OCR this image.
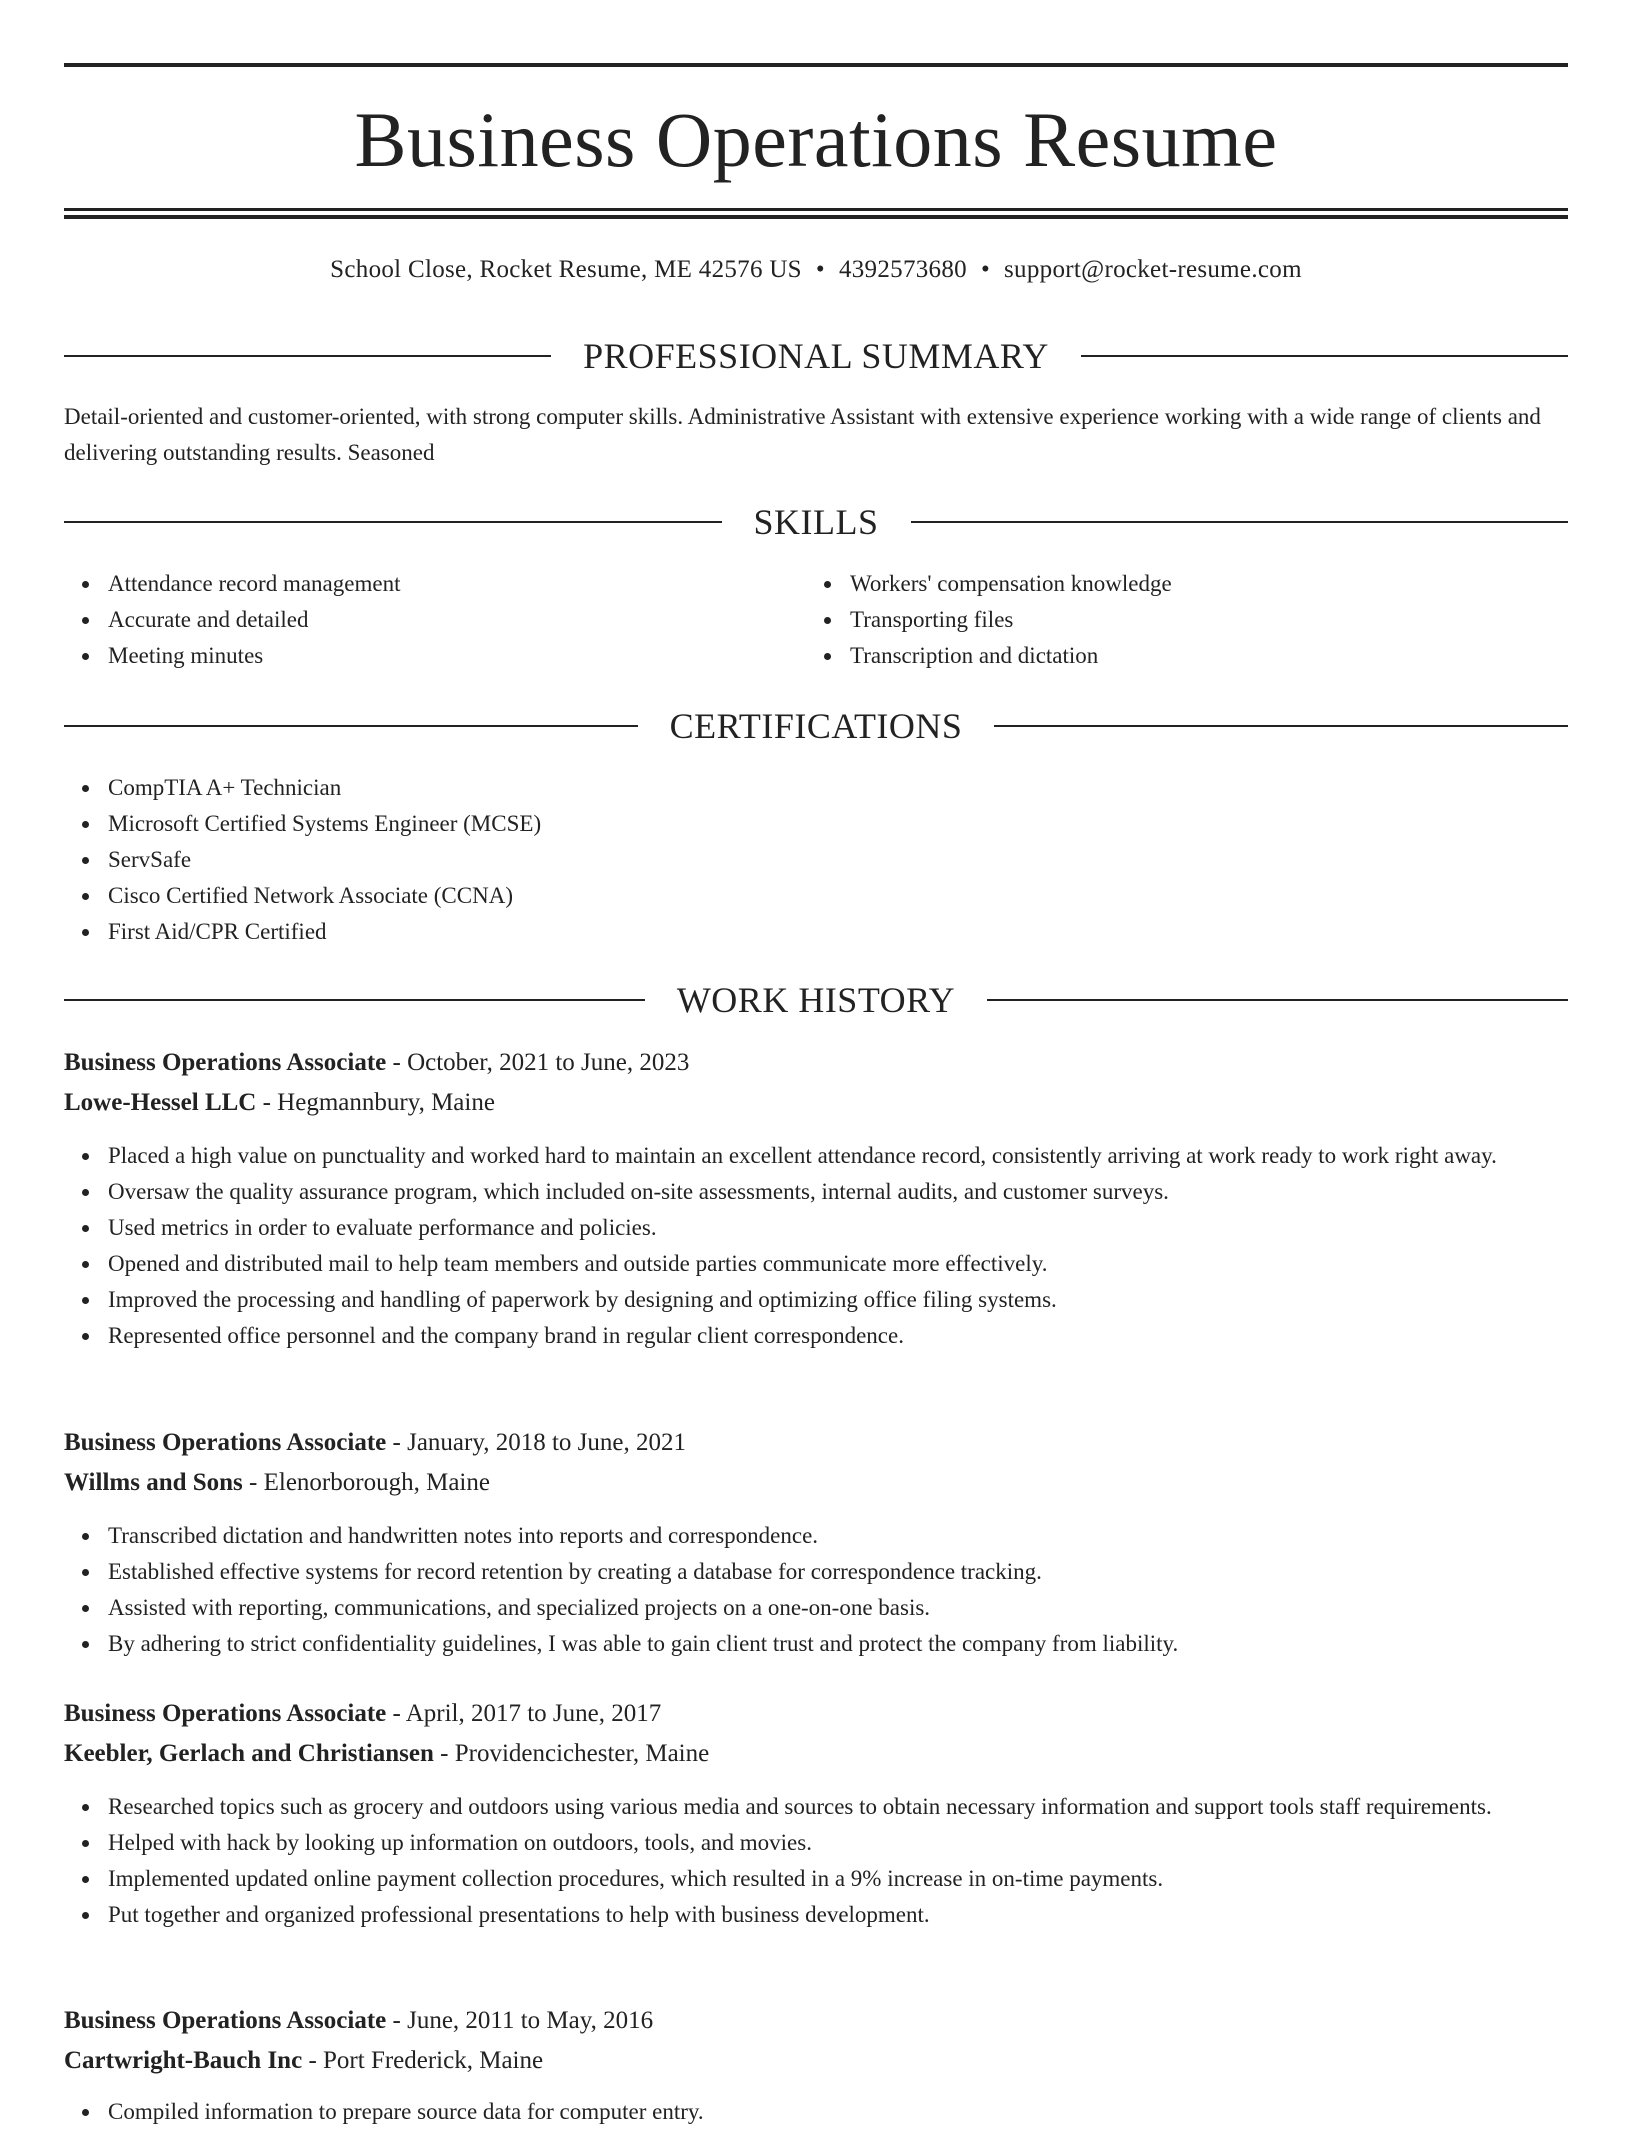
Business Operations Resume
School Close, Rocket Resume, ME 42576 US • 4392573680 • support@rocket-resume.com
PROFESSIONAL SUMMARY

Detail-oriented and customer-oriented, with strong computer skills. Administrative Assistant with extensive experience working with a wide range of clients and delivering outstanding results. Seasoned

SKILLS
Attendance record management
Accurate and detailed
Meeting minutes
Workers' compensation knowledge
Transporting files
Transcription and dictation
CERTIFICATIONS
CompTIA A+ Technician
Microsoft Certified Systems Engineer (MCSE)
ServSafe
Cisco Certified Network Associate (CCNA)
First Aid/CPR Certified
WORK HISTORY
Business Operations Associate - October, 2021 to June, 2023
Lowe-Hessel LLC - Hegmannbury, Maine
Placed a high value on punctuality and worked hard to maintain an excellent attendance record, consistently arriving at work ready to work right away.
Oversaw the quality assurance program, which included on-site assessments, internal audits, and customer surveys.
Used metrics in order to evaluate performance and policies.
Opened and distributed mail to help team members and outside parties communicate more effectively.
Improved the processing and handling of paperwork by designing and optimizing office filing systems.
Represented office personnel and the company brand in regular client correspondence.
Business Operations Associate - January, 2018 to June, 2021
Willms and Sons - Elenorborough, Maine
Transcribed dictation and handwritten notes into reports and correspondence.
Established effective systems for record retention by creating a database for correspondence tracking.
Assisted with reporting, communications, and specialized projects on a one-on-one basis.
By adhering to strict confidentiality guidelines, I was able to gain client trust and protect the company from liability.
Business Operations Associate - April, 2017 to June, 2017
Keebler, Gerlach and Christiansen - Providencichester, Maine
Researched topics such as grocery and outdoors using various media and sources to obtain necessary information and support tools staff requirements.
Helped with hack by looking up information on outdoors, tools, and movies.
Implemented updated online payment collection procedures, which resulted in a 9% increase in on-time payments.
Put together and organized professional presentations to help with business development.
Business Operations Associate - June, 2011 to May, 2016
Cartwright-Bauch Inc - Port Frederick, Maine
Compiled information to prepare source data for computer entry.
